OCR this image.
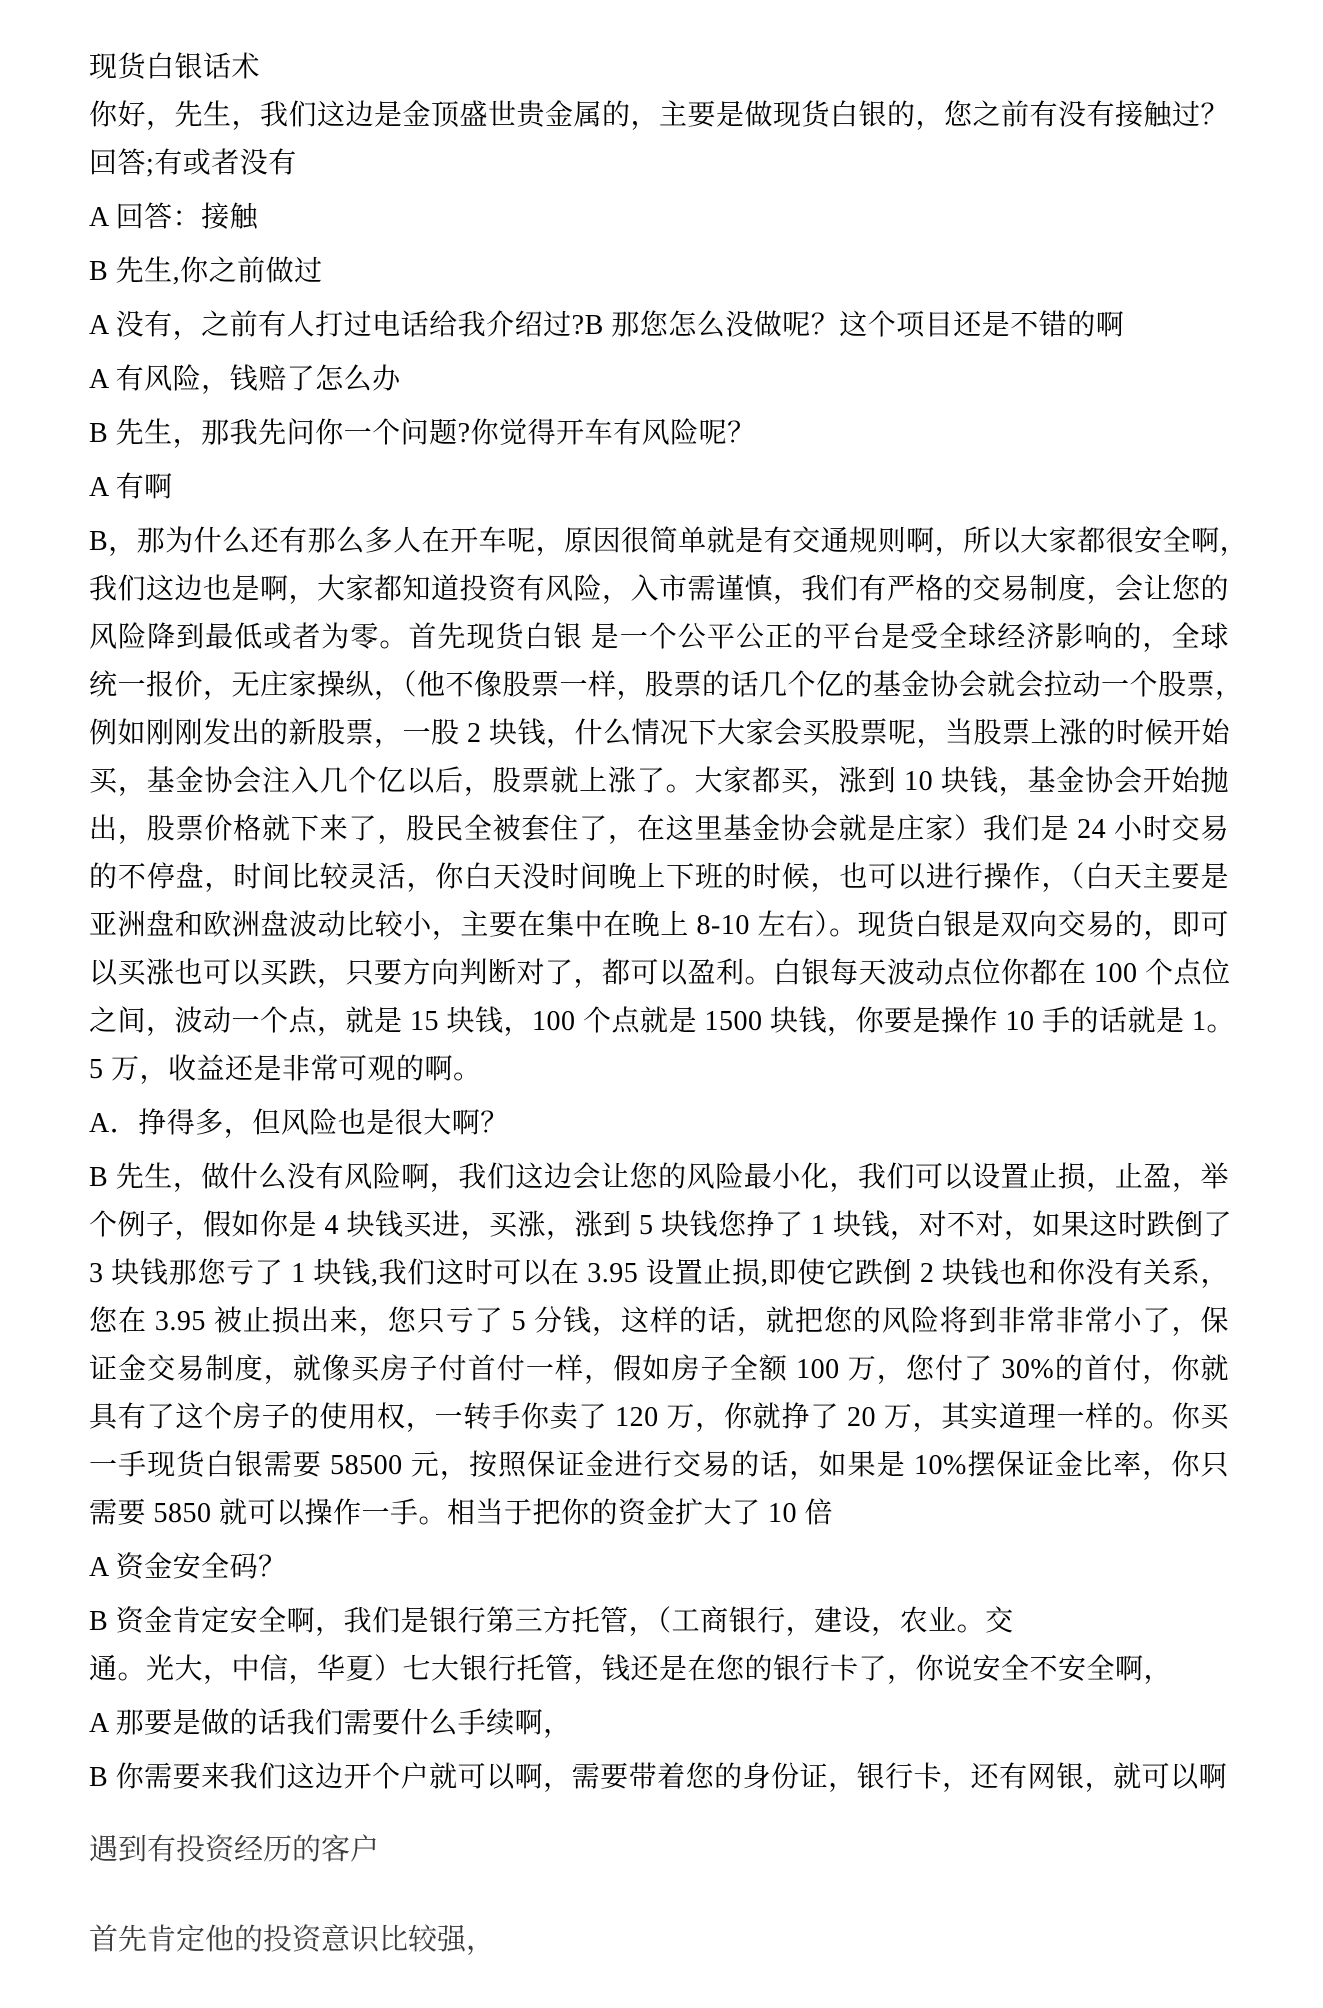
现货白银话术
你好，先生，我们这边是金顶盛世贵金属的，主要是做现货白银的，您之前有没有接触过？
回答;有或者没有
A 回答：接触
B 先生,你之前做过
A 没有，之前有人打过电话给我介绍过?B 那您怎么没做呢？这个项目还是不错的啊
A 有风险，钱赔了怎么办
B 先生，那我先问你一个问题?你觉得开车有风险呢？
A 有啊
B，那为什么还有那么多人在开车呢，原因很简单就是有交通规则啊，所以大家都很安全啊，
我们这边也是啊，大家都知道投资有风险，入市需谨慎，我们有严格的交易制度，会让您的
风险降到最低或者为零。首先现货白银 是一个公平公正的平台是受全球经济影响的，全球
统一报价，无庄家操纵，（他不像股票一样，股票的话几个亿的基金协会就会拉动一个股票，
例如刚刚发出的新股票，一股 2 块钱，什么情况下大家会买股票呢，当股票上涨的时候开始
买，基金协会注入几个亿以后，股票就上涨了。大家都买，涨到 10 块钱，基金协会开始抛
出，股票价格就下来了，股民全被套住了，在这里基金协会就是庄家）我们是 24 小时交易
的不停盘，时间比较灵活，你白天没时间晚上下班的时候，也可以进行操作，（白天主要是
亚洲盘和欧洲盘波动比较小，主要在集中在晚上 8-10 左右）。现货白银是双向交易的，即可
以买涨也可以买跌，只要方向判断对了，都可以盈利。白银每天波动点位你都在 100 个点位
之间，波动一个点，就是 15 块钱，100 个点就是 1500 块钱，你要是操作 10 手的话就是 1。
5 万，收益还是非常可观的啊。
A．挣得多，但风险也是很大啊？
B 先生，做什么没有风险啊，我们这边会让您的风险最小化，我们可以设置止损，止盈，举
个例子，假如你是 4 块钱买进，买涨，涨到 5 块钱您挣了 1 块钱，对不对，如果这时跌倒了
3 块钱那您亏了 1 块钱,我们这时可以在 3.95 设置止损,即使它跌倒 2 块钱也和你没有关系，
您在 3.95 被止损出来，您只亏了 5 分钱，这样的话，就把您的风险将到非常非常小了，保
证金交易制度，就像买房子付首付一样，假如房子全额 100 万，您付了 30%的首付，你就
具有了这个房子的使用权，一转手你卖了 120 万，你就挣了 20 万，其实道理一样的。你买
一手现货白银需要 58500 元，按照保证金进行交易的话，如果是 10%摆保证金比率，你只
需要 5850 就可以操作一手。相当于把你的资金扩大了 10 倍
A 资金安全码？
B 资金肯定安全啊，我们是银行第三方托管，（工商银行，建设，农业。交
通。光大，中信，华夏）七大银行托管，钱还是在您的银行卡了，你说安全不安全啊，
A 那要是做的话我们需要什么手续啊，
B 你需要来我们这边开个户就可以啊，需要带着您的身份证，银行卡，还有网银，就可以啊
遇到有投资经历的客户
首先肯定他的投资意识比较强，
